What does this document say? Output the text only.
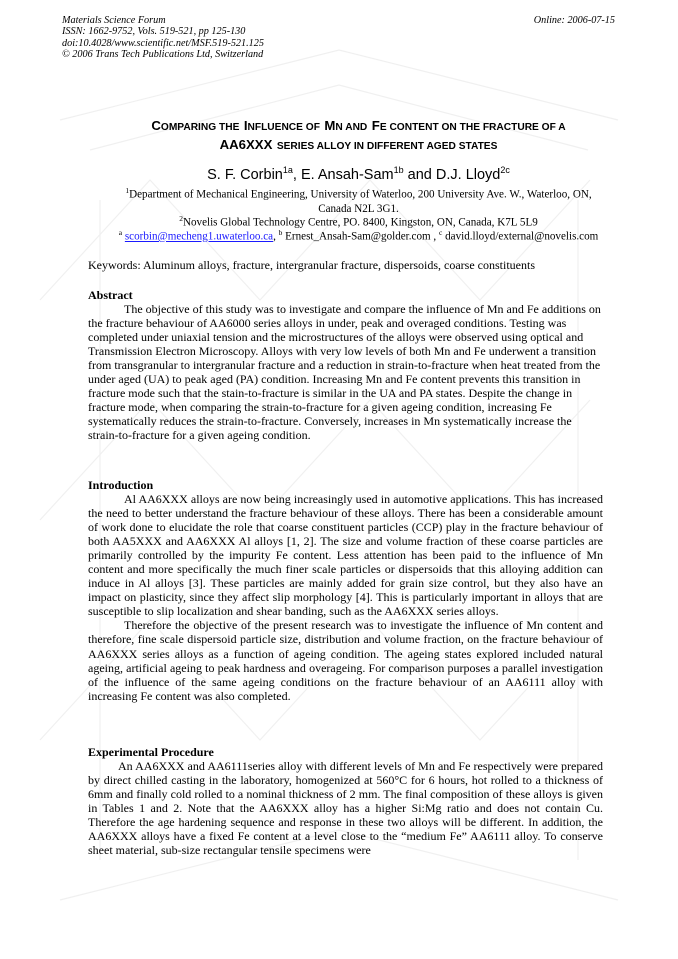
Materials Science Forum
ISSN: 1662-9752, Vols. 519-521, pp 125-130
doi:10.4028/www.scientific.net/MSF.519-521.125
© 2006 Trans Tech Publications Ltd, Switzerland
Online: 2006-07-15
COMPARING THE INFLUENCE OF MN AND FE CONTENT ON THE FRACTURE OF A
AA6XXX SERIES ALLOY IN DIFFERENT AGED STATES
S. F. Corbin$^{1a}$, E. Ansah-Sam$^{1b}$ and D.J. Lloyd$^{2c}$
$^1$Department of Mechanical Engineering, University of Waterloo, 200 University Ave. W., Waterloo, ON,
Canada N2L 3G1.
$^2$Novelis Global Technology Centre, PO. 8400, Kingston, ON, Canada, K7L 5L9
$^a$ scorbin@mecheng1.uwaterloo.ca, $^b$ Ernest_Ansah-Sam@golder.com , $^c$ david.lloyd/external@novelis.com
Keywords: Aluminum alloys, fracture, intergranular fracture, dispersoids, coarse constituents
Abstract

The objective of this study was to investigate and compare the influence of Mn and Fe additions on the fracture behaviour of AA6000 series alloys in under, peak and overaged conditions. Testing was completed under uniaxial tension and the microstructures of the alloys were observed using optical and Transmission Electron Microscopy. Alloys with very low levels of both Mn and Fe underwent a transition from transgranular to intergranular fracture and a reduction in strain-to-fracture when heat treated from the under aged (UA) to peak aged (PA) condition. Increasing Mn and Fe content prevents this transition in fracture mode such that the stain-to-fracture is similar in the UA and PA states. Despite the change in fracture mode, when comparing the strain-to-fracture for a given ageing condition, increasing Fe systematically reduces the strain-to-fracture. Conversely, increases in Mn systematically increase the strain-to-fracture for a given ageing condition.

Introduction

Al AA6XXX alloys are now being increasingly used in automotive applications. This has increased the need to better understand the fracture behaviour of these alloys. There has been a considerable amount of work done to elucidate the role that coarse constituent particles (CCP) play in the fracture behaviour of both AA5XXX and AA6XXX Al alloys [1, 2]. The size and volume fraction of these coarse particles are primarily controlled by the impurity Fe content. Less attention has been paid to the influence of Mn content and more specifically the much finer scale particles or dispersoids that this alloying addition can induce in Al alloys [3]. These particles are mainly added for grain size control, but they also have an impact on plasticity, since they affect slip morphology [4]. This is particularly important in alloys that are susceptible to slip localization and shear banding, such as the AA6XXX series alloys.

Therefore the objective of the present research was to investigate the influence of Mn content and therefore, fine scale dispersoid particle size, distribution and volume fraction, on the fracture behaviour of AA6XXX series alloys as a function of ageing condition. The ageing states explored included natural ageing, artificial ageing to peak hardness and overageing. For comparison purposes a parallel investigation of the influence of the same ageing conditions on the fracture behaviour of an AA6111 alloy with increasing Fe content was also completed.

Experimental Procedure

An AA6XXX and AA6111series alloy with different levels of Mn and Fe respectively were prepared by direct chilled casting in the laboratory, homogenized at 560°C for 6 hours, hot rolled to a thickness of 6mm and finally cold rolled to a nominal thickness of 2 mm. The final composition of these alloys is given in Tables 1 and 2. Note that the AA6XXX alloy has a higher Si:Mg ratio and does not contain Cu. Therefore the age hardening sequence and response in these two alloys will be different. In addition, the AA6XXX alloys have a fixed Fe content at a level close to the “medium Fe” AA6111 alloy. To conserve sheet material, sub-size rectangular tensile specimens were
